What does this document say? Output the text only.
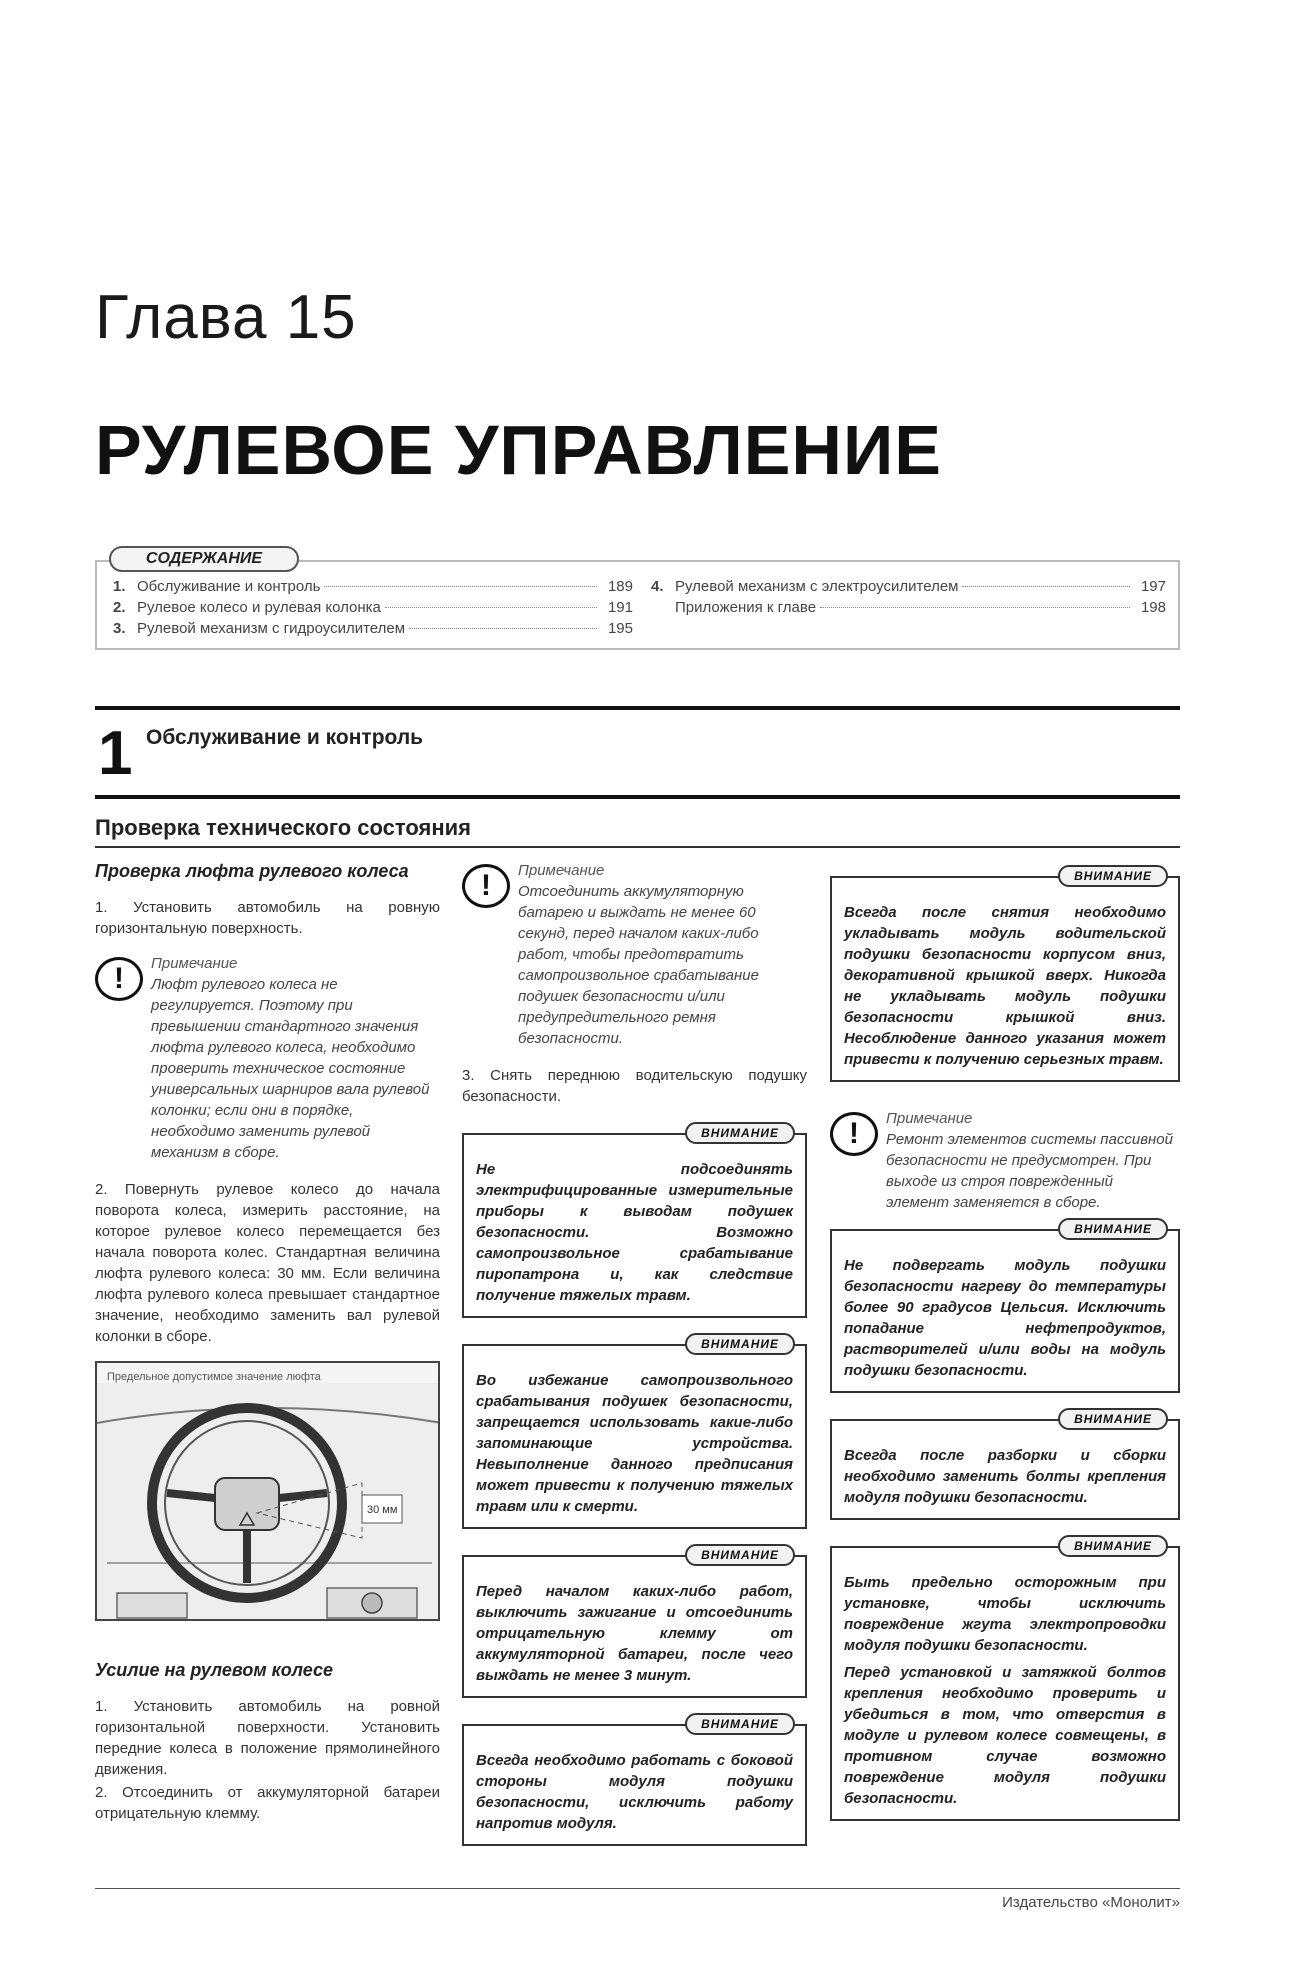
Глава 15
РУЛЕВОЕ УПРАВЛЕНИЕ
СОДЕРЖАНИЕ
1. Обслуживание и контроль	189
2. Рулевое колесо и рулевая колонка	191
3. Рулевой механизм с гидроусилителем	195
4. Рулевой механизм с электроусилителем	197
Приложения к главе	198
1 Обслуживание и контроль
Проверка технического состояния
Проверка люфта рулевого колеса
1. Установить автомобиль на ровную горизонтальную поверхность.
!	Примечание
Люфт рулевого колеса не регулируется. Поэтому при превышении стандартного значения люфта рулевого колеса, необходимо проверить техническое состояние универсальных шарниров вала рулевой колонки; если они в порядке, необходимо заменить рулевой механизм в сборе.
2. Повернуть рулевое колесо до начала поворота колеса, измерить расстояние, на которое рулевое колесо перемещается без начала поворота колес. Стандартная величина люфта рулевого колеса: 30 мм. Если величина люфта рулевого колеса превышает стандартное значение, необходимо заменить вал рулевой колонки в сборе.
Предельное допустимое значение люфта
30 мм
Усилие на рулевом колесе
1. Установить автомобиль на ровной горизонтальной поверхности. Установить передние колеса в положение прямолинейного движения.
2. Отсоединить от аккумуляторной батареи отрицательную клемму.
!	Примечание
Отсоединить аккумуляторную батарею и выждать не менее 60 секунд, перед началом каких-либо работ, чтобы предотвратить самопроизвольное срабатывание подушек безопасности и/или предупредительного ремня безопасности.
3. Снять переднюю водительскую подушку безопасности.
ВНИМАНИЕ
Не подсоединять электрифицированные измерительные приборы к выводам подушек безопасности. Возможно самопроизвольное срабатывание пиропатрона и, как следствие получение тяжелых травм.
ВНИМАНИЕ
Во избежание самопроизвольного срабатывания подушек безопасности, запрещается использовать какие-либо запоминающие устройства. Невыполнение данного предписания может привести к получению тяжелых травм или к смерти.
ВНИМАНИЕ
Перед началом каких-либо работ, выключить зажигание и отсоединить отрицательную клемму от аккумуляторной батареи, после чего выждать не менее 3 минут.
ВНИМАНИЕ
Всегда необходимо работать с боковой стороны модуля подушки безопасности, исключить работу напротив модуля.
ВНИМАНИЕ
Всегда после снятия необходимо укладывать модуль водительской подушки безопасности корпусом вниз, декоративной крышкой вверх. Никогда не укладывать модуль подушки безопасности крышкой вниз. Несоблюдение данного указания может привести к получению серьезных травм.
!	Примечание
Ремонт элементов системы пассивной безопасности не предусмотрен. При выходе из строя поврежденный элемент заменяется в сборе.
ВНИМАНИЕ
Не подвергать модуль подушки безопасности нагреву до температуры более 90 градусов Цельсия. Исключить попадание нефтепродуктов, растворителей и/или воды на модуль подушки безопасности.
ВНИМАНИЕ
Всегда после разборки и сборки необходимо заменить болты крепления модуля подушки безопасности.
ВНИМАНИЕ
Быть предельно осторожным при установке, чтобы исключить повреждение жгута электропроводки модуля подушки безопасности.
Перед установкой и затяжкой болтов крепления необходимо проверить и убедиться в том, что отверстия в модуле и рулевом колесе совмещены, в противном случае возможно повреждение модуля подушки безопасности.
Издательство «Монолит»
